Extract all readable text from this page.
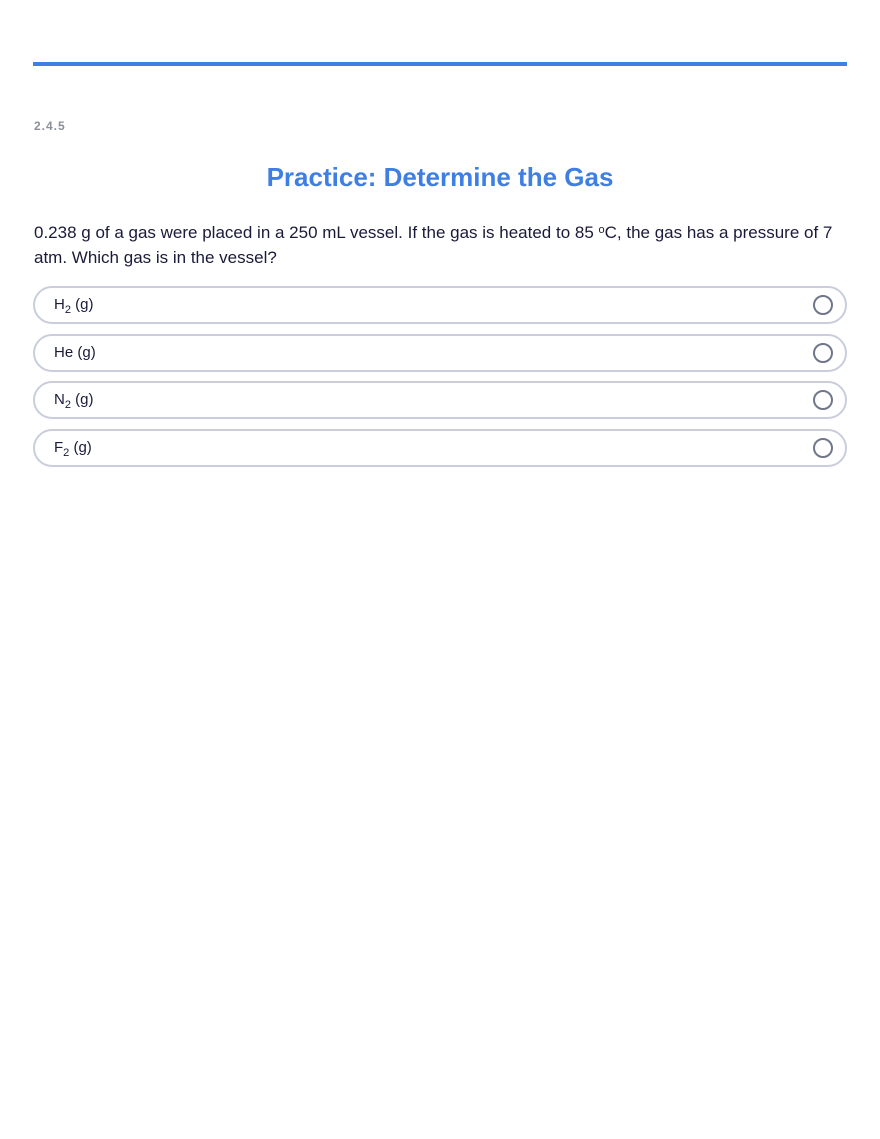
2.4.5
Practice: Determine the Gas
0.238 g of a gas were placed in a 250 mL vessel. If the gas is heated to 85 $^o$C, the gas has a pressure of 7 atm. Which gas is in the vessel?
$H_2$ (g)
He (g)
$N_2$ (g)
$F_2$ (g)
